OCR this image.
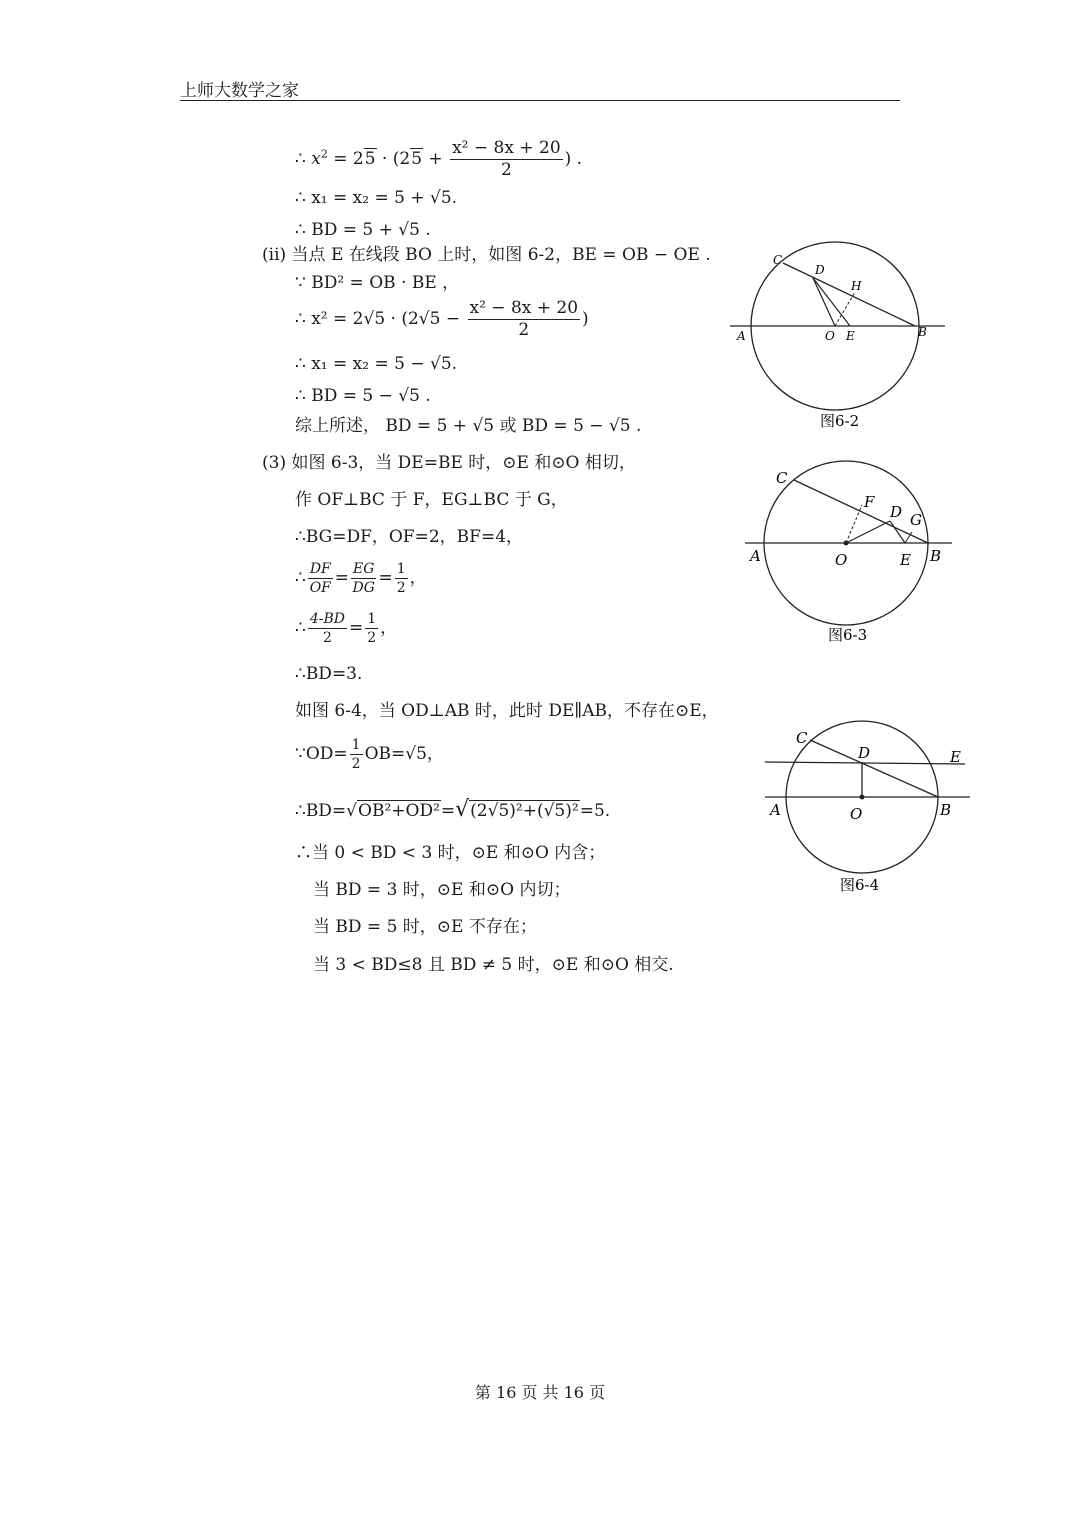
上师大数学之家
∴ $x^2 = 25 \cdot (25 + \frac{\text{x² − 8x + 20}}{2}$ ) .
∴ x₁ = x₂ = 5 + √5.
∴ BD = 5 + √5 .
(ii) 当点 E 在线段 BO 上时，如图 6-2，BE = OB − OE .
∵ BD² = OB · BE ，
∴ $x^2 = 2√5 \cdot (2√5 - \frac{\text{x² − 8x + 20}}{2}$ )
∴ x₁ = x₂ = 5 − √5.
∴ BD = 5 − √5 .
综上所述， BD = 5 + √5 或 BD = 5 − √5 .
(3) 如图 6-3，当 DE=BE 时，⊙E 和⊙O 相切，
作 OF⊥BC 于 F，EG⊥BC 于 G，
∴BG=DF，OF=2，BF=4，
∴ $\frac{DF}{OF} = \frac{EG}{DG} = \frac{1}{2}$ ，
∴ $\frac{4-BD}{2} = \frac{1}{2}$ ，
∴BD=3.
如图 6-4，当 OD⊥AB 时，此时 DE∥AB，不存在⊙E，
∵OD= $\frac{1}{2} OB=√5$，
∴BD=√OB²+OD²=√(2√5)²+(√5)²=5.
∴当 0 < BD < 3 时，⊙E 和⊙O 内含；
当 BD = 3 时，⊙E 和⊙O 内切；
当 BD = 5 时，⊙E 不存在；
当 3 < BD≤8 且 BD ≠ 5 时，⊙E 和⊙O 相交.
A	B
C
D
E
H
O
图6-2
A	B
C
D
E
F
G
O
图6-3
A	B
C
D	E
O
图6-4
第 16 页 共 16 页
